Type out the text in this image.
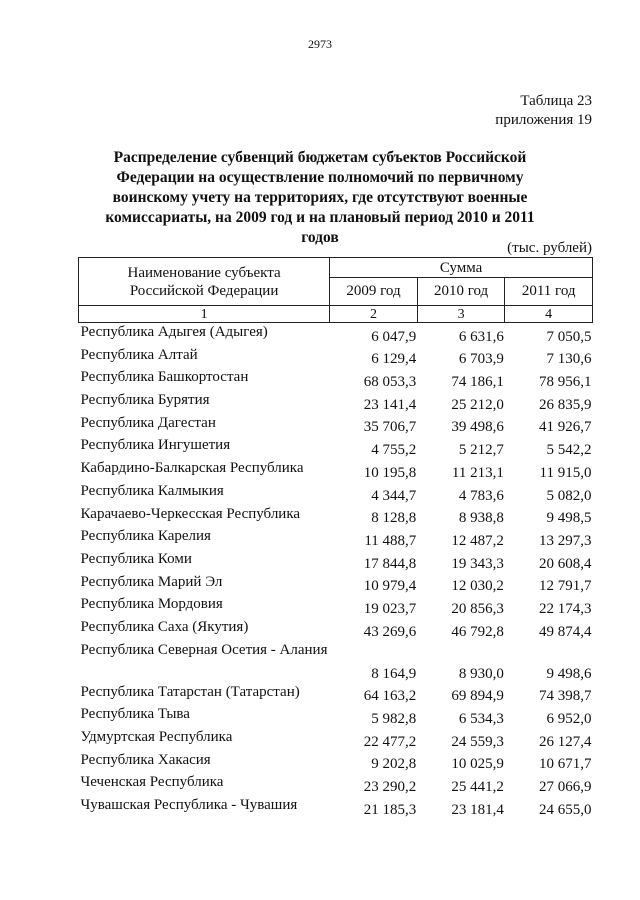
2973
Таблица 23
приложения 19
Распределение субвенций бюджетам субъектов Российской Федерации на осуществление полномочий по первичному воинскому учету на территориях, где отсутствуют военные комиссариаты, на 2009 год и на плановый период 2010 и 2011 годов
(тыс. рублей)
Наименование субъекта
Российской Федерации	Сумма		
	2009 год	2010 год	2011 год
1	2	3	4
Республика Адыгея (Адыгея)	6 047,9	6 631,6	7 050,5
Республика Алтай	6 129,4	6 703,9	7 130,6
Республика Башкортостан	68 053,3	74 186,1	78 956,1
Республика Бурятия	23 141,4	25 212,0	26 835,9
Республика Дагестан	35 706,7	39 498,6	41 926,7
Республика Ингушетия	4 755,2	5 212,7	5 542,2
Кабардино-Балкарская Республика	10 195,8	11 213,1	11 915,0
Республика Калмыкия	4 344,7	4 783,6	5 082,0
Карачаево-Черкесская Республика	8 128,8	8 938,8	9 498,5
Республика Карелия	11 488,7	12 487,2	13 297,3
Республика Коми	17 844,8	19 343,3	20 608,4
Республика Марий Эл	10 979,4	12 030,2	12 791,7
Республика Мордовия	19 023,7	20 856,3	22 174,3
Республика Саха (Якутия)	43 269,6	46 792,8	49 874,4
Республика Северная Осетия - Алания	8 164,9	8 930,0	9 498,6
Республика Татарстан (Татарстан)	64 163,2	69 894,9	74 398,7
Республика Тыва	5 982,8	6 534,3	6 952,0
Удмуртская Республика	22 477,2	24 559,3	26 127,4
Республика Хакасия	9 202,8	10 025,9	10 671,7
Чеченская Республика	23 290,2	25 441,2	27 066,9
Чувашская Республика - Чувашия	21 185,3	23 181,4	24 655,0
